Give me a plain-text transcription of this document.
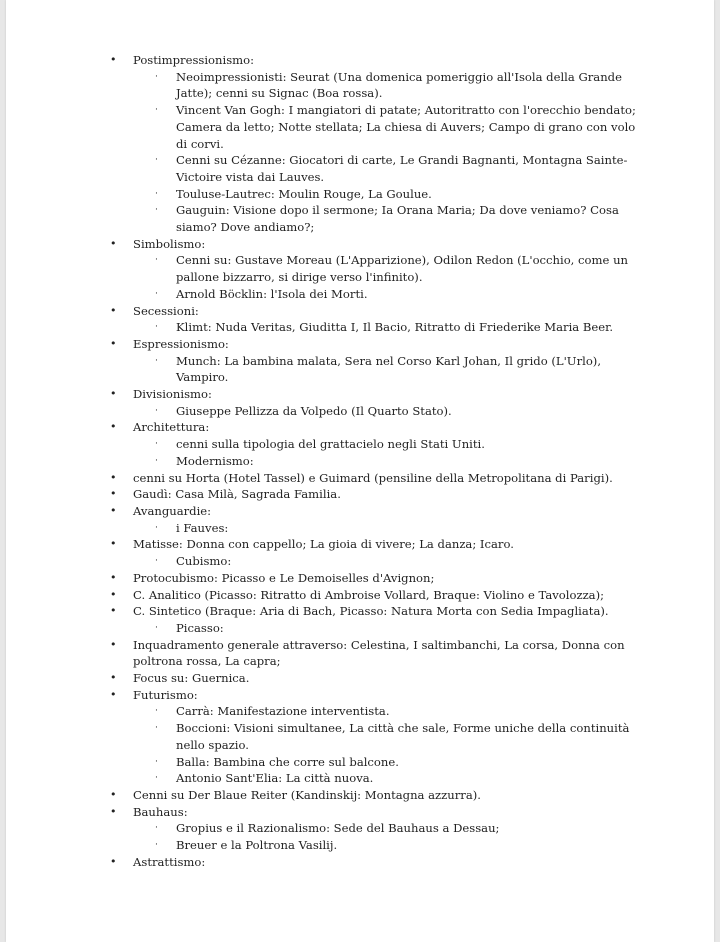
• Postimpressionismo:
· Neoimpressionisti: Seurat (Una domenica pomeriggio all'Isola della Grande Jatte); cenni su Signac (Boa rossa).
· Vincent Van Gogh: I mangiatori di patate; Autoritratto con l'orecchio bendato; Camera da letto; Notte stellata; La chiesa di Auvers; Campo di grano con volo di corvi.
· Cenni su Cézanne: Giocatori di carte, Le Grandi Bagnanti, Montagna Sainte-Victoire vista dai Lauves.
· Touluse-Lautrec: Moulin Rouge, La Goulue.
· Gauguin: Visione dopo il sermone; Ia Orana Maria; Da dove veniamo? Cosa siamo? Dove andiamo?;
• Simbolismo:
· Cenni su: Gustave Moreau (L'Apparizione), Odilon Redon (L'occhio, come un pallone bizzarro, si dirige verso l'infinito).
· Arnold Böcklin: l'Isola dei Morti.
• Secessioni:
· Klimt: Nuda Veritas, Giuditta I, Il Bacio, Ritratto di Friederike Maria Beer.
• Espressionismo:
· Munch: La bambina malata, Sera nel Corso Karl Johan, Il grido (L'Urlo), Vampiro.
• Divisionismo:
· Giuseppe Pellizza da Volpedo (Il Quarto Stato).
• Architettura:
· cenni sulla tipologia del grattacielo negli Stati Uniti.
· Modernismo:
• cenni su Horta (Hotel Tassel) e Guimard (pensiline della Metropolitana di Parigi).
• Gaudì: Casa Milà, Sagrada Familia.
• Avanguardie:
· i Fauves:
• Matisse: Donna con cappello; La gioia di vivere; La danza; Icaro.
· Cubismo:
• Protocubismo: Picasso e Le Demoiselles d'Avignon;
• C. Analitico (Picasso: Ritratto di Ambroise Vollard, Braque: Violino e Tavolozza);
• C. Sintetico (Braque: Aria di Bach, Picasso: Natura Morta con Sedia Impagliata).
· Picasso:
• Inquadramento generale attraverso: Celestina, I saltimbanchi, La corsa, Donna con poltrona rossa, La capra;
• Focus su: Guernica.
• Futurismo:
· Carrà: Manifestazione interventista.
· Boccioni: Visioni simultanee, La città che sale, Forme uniche della continuità nello spazio.
· Balla: Bambina che corre sul balcone.
· Antonio Sant'Elia: La città nuova.
• Cenni su Der Blaue Reiter (Kandinskij: Montagna azzurra).
• Bauhaus:
· Gropius e il Razionalismo: Sede del Bauhaus a Dessau;
· Breuer e la Poltrona Vasilij.
• Astrattismo:
